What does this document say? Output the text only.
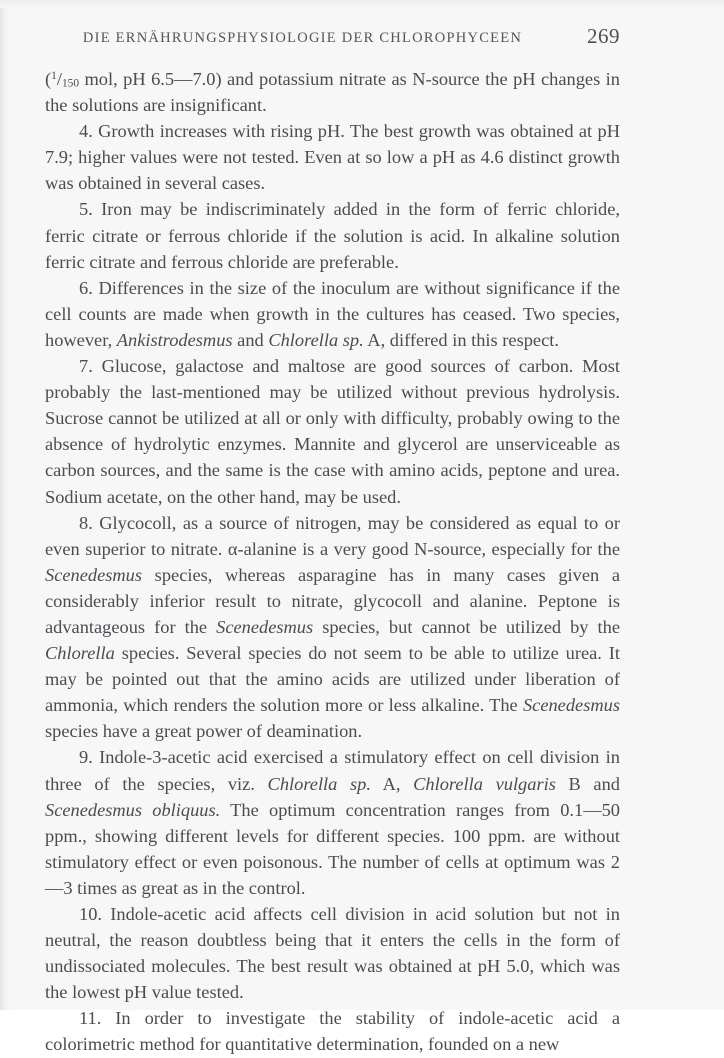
DIE ERNÄHRUNGSPHYSIOLOGIE DER CHLOROPHYCEEN	269

($^1/_{150}$ mol, pH 6.5—7.0) and potassium nitrate as N-source the pH changes in the solutions are insignificant.

4. Growth increases with rising pH. The best growth was obtained at pH 7.9; higher values were not tested. Even at so low a pH as 4.6 distinct growth was obtained in several cases.

5. Iron may be indiscriminately added in the form of ferric chloride, ferric citrate or ferrous chloride if the solution is acid. In alkaline solution ferric citrate and ferrous chloride are preferable.

6. Differences in the size of the inoculum are without significance if the cell counts are made when growth in the cultures has ceased. Two species, however, Ankistrodesmus and Chlorella sp. A, differed in this respect.

7. Glucose, galactose and maltose are good sources of carbon. Most probably the last-mentioned may be utilized without previous hydrolysis. Sucrose cannot be utilized at all or only with difficulty, probably owing to the absence of hydrolytic enzymes. Mannite and glycerol are unserviceable as carbon sources, and the same is the case with amino acids, peptone and urea. Sodium acetate, on the other hand, may be used.

8. Glycocoll, as a source of nitrogen, may be considered as equal to or even superior to nitrate. α-alanine is a very good N-source, especially for the Scenedesmus species, whereas asparagine has in many cases given a considerably inferior result to nitrate, glycocoll and alanine. Peptone is advantageous for the Scenedesmus species, but cannot be utilized by the Chlorella species. Several species do not seem to be able to utilize urea. It may be pointed out that the amino acids are utilized under liberation of ammonia, which renders the solution more or less alkaline. The Scenedesmus species have a great power of deamination.

9. Indole-3-acetic acid exercised a stimulatory effect on cell division in three of the species, viz. Chlorella sp. A, Chlorella vulgaris B and Scenedesmus obliquus. The optimum concentration ranges from 0.1—50 ppm., showing different levels for different species. 100 ppm. are without stimulatory effect or even poisonous. The number of cells at optimum was 2—3 times as great as in the control.

10. Indole-acetic acid affects cell division in acid solution but not in neutral, the reason doubtless being that it enters the cells in the form of undissociated molecules. The best result was obtained at pH 5.0, which was the lowest pH value tested.

11. In order to investigate the stability of indole-acetic acid a colorimetric method for quantitative determination, founded on a new
